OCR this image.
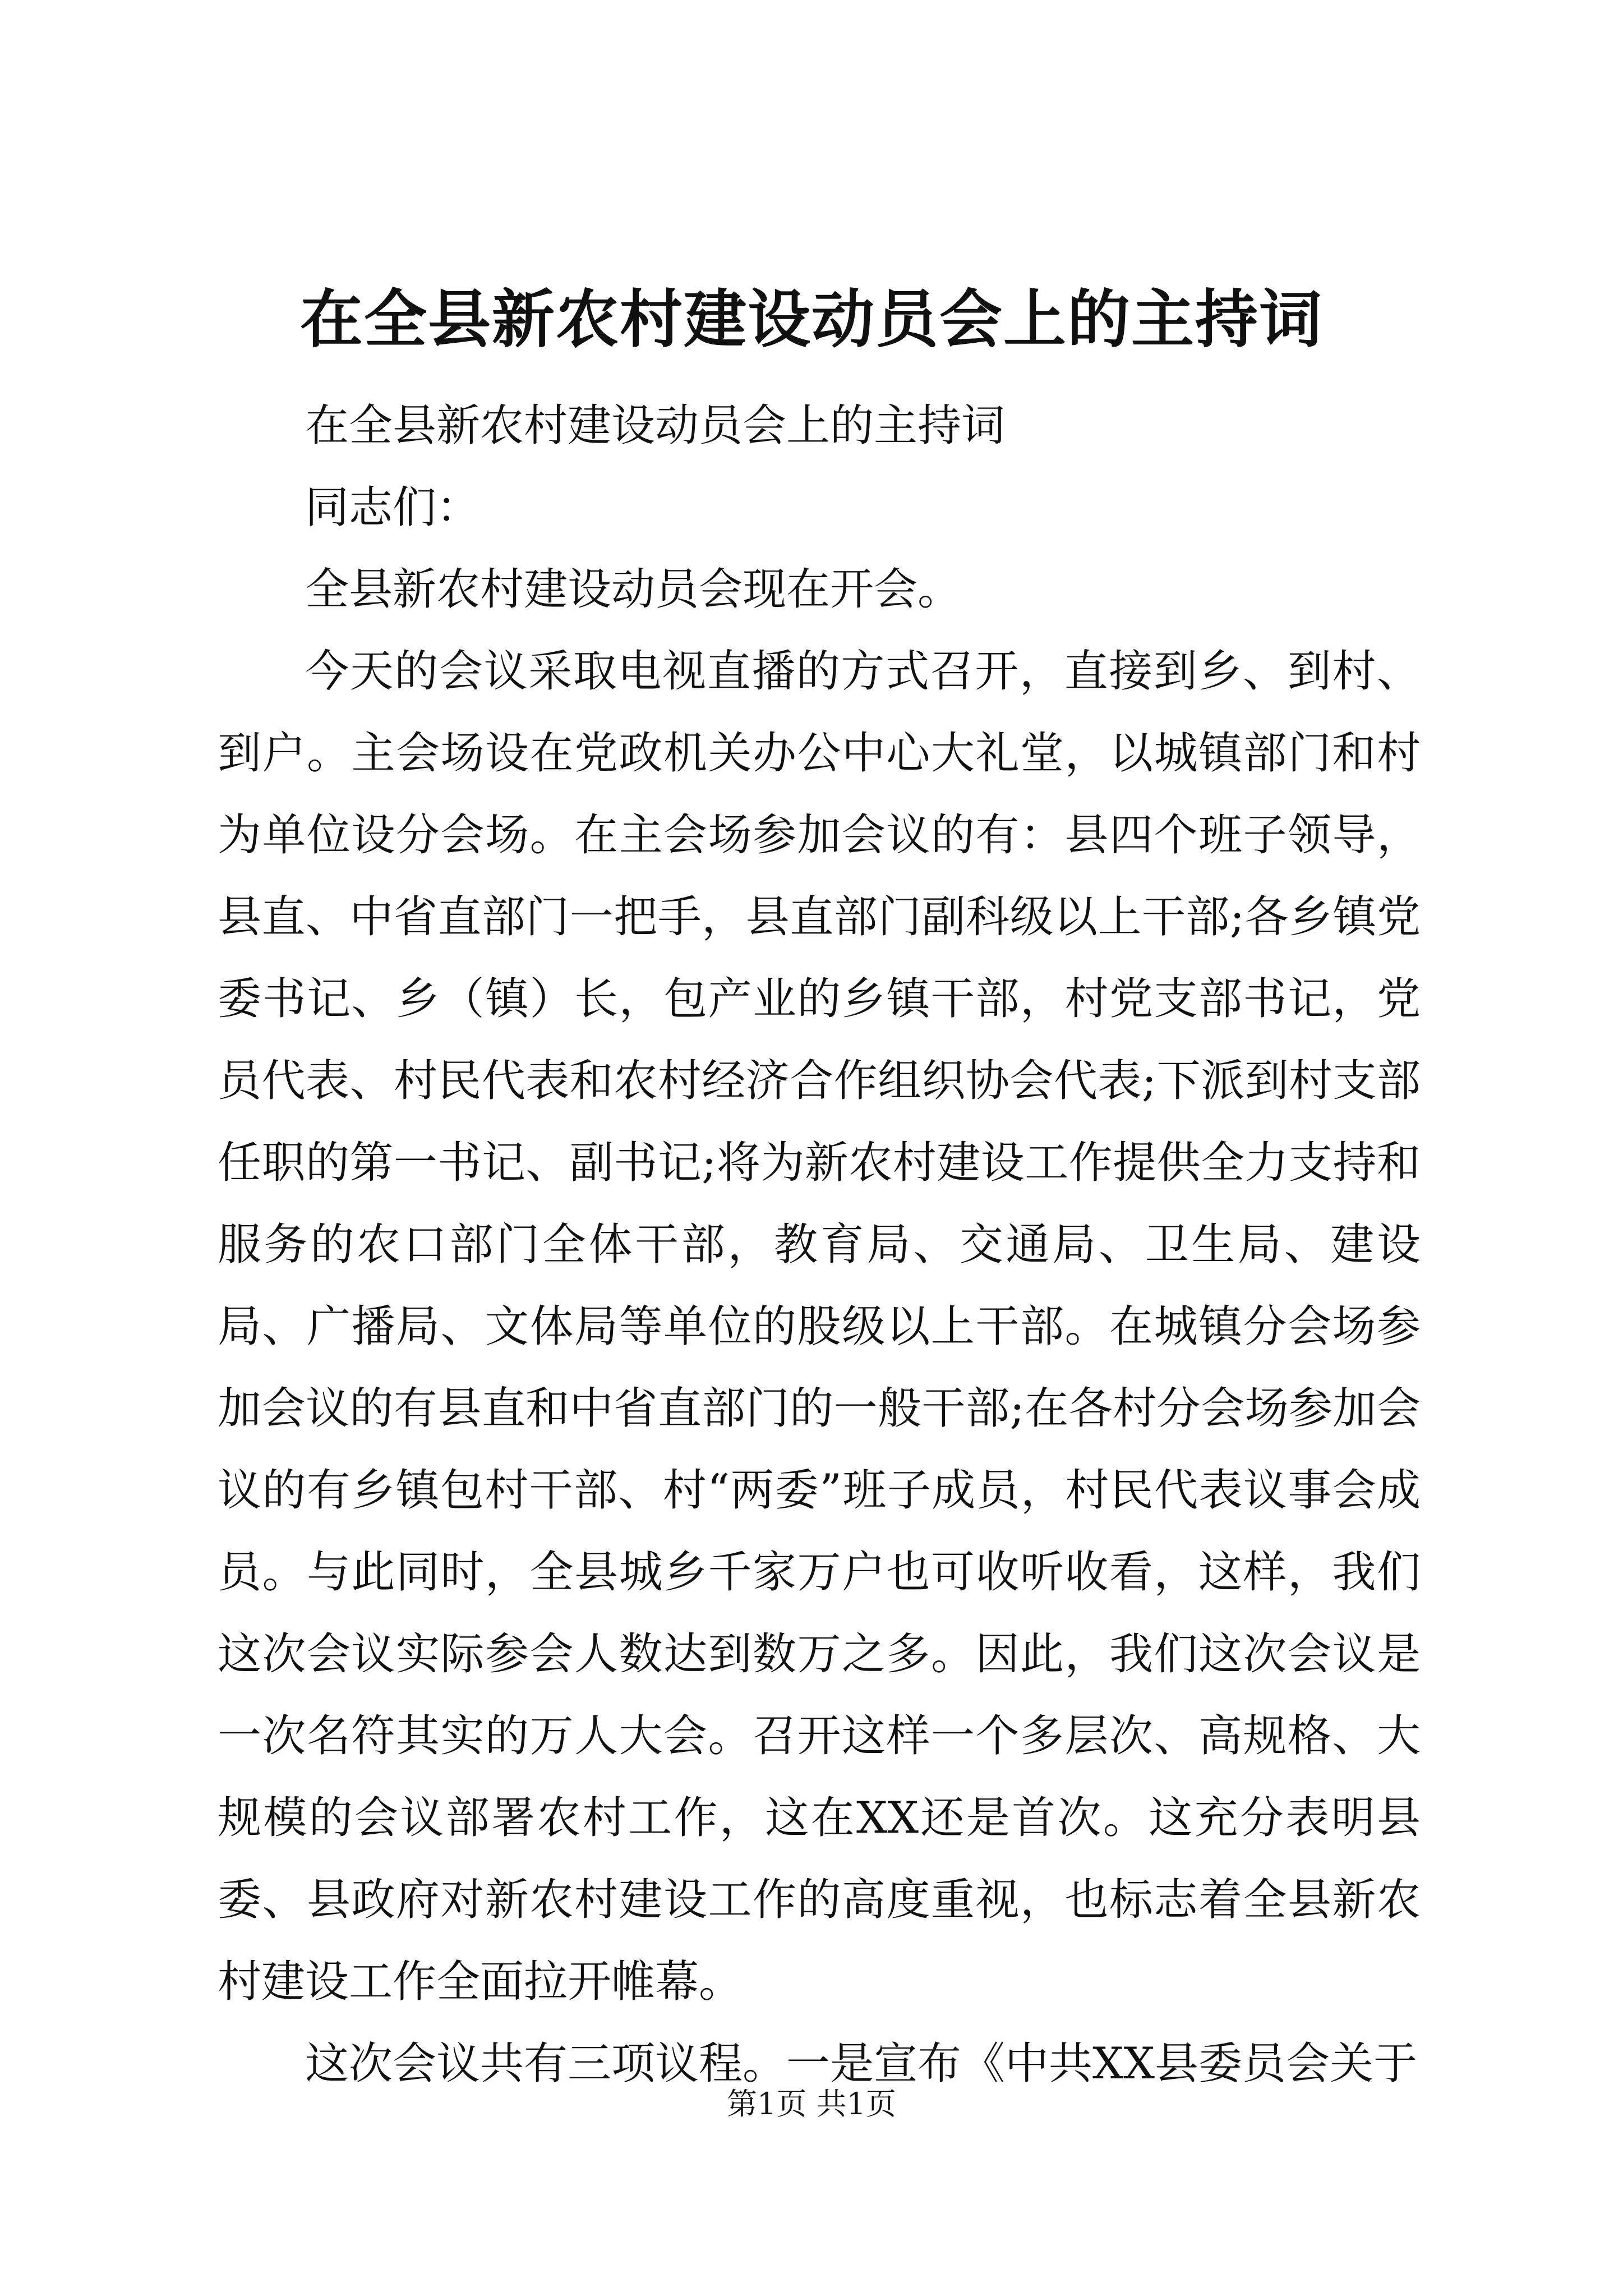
在全县新农村建设动员会上的主持词

在全县新农村建设动员会上的主持词

同志们：

全县新农村建设动员会现在开会。

今天的会议采取电视直播的方式召开，直接到乡、到村、到户。主会场设在党政机关办公中心大礼堂，以城镇部门和村为单位设分会场。在主会场参加会议的有：县四个班子领导，县直、中省直部门一把手，县直部门副科级以上干部;各乡镇党委书记、乡（镇）长，包产业的乡镇干部，村党支部书记，党员代表、村民代表和农村经济合作组织协会代表;下派到村支部任职的第一书记、副书记;将为新农村建设工作提供全力支持和服务的农口部门全体干部，教育局、交通局、卫生局、建设局、广播局、文体局等单位的股级以上干部。在城镇分会场参加会议的有县直和中省直部门的一般干部;在各村分会场参加会议的有乡镇包村干部、村“两委”班子成员，村民代表议事会成员。与此同时，全县城乡千家万户也可收听收看，这样，我们这次会议实际参会人数达到数万之多。因此，我们这次会议是一次名符其实的万人大会。召开这样一个多层次、高规格、大规模的会议部署农村工作，这在XX还是首次。这充分表明县委、县政府对新农村建设工作的高度重视，也标志着全县新农村建设工作全面拉开帷幕。

这次会议共有三项议程。一是宣布《中共XX县委员会关于

第1页 共1页
